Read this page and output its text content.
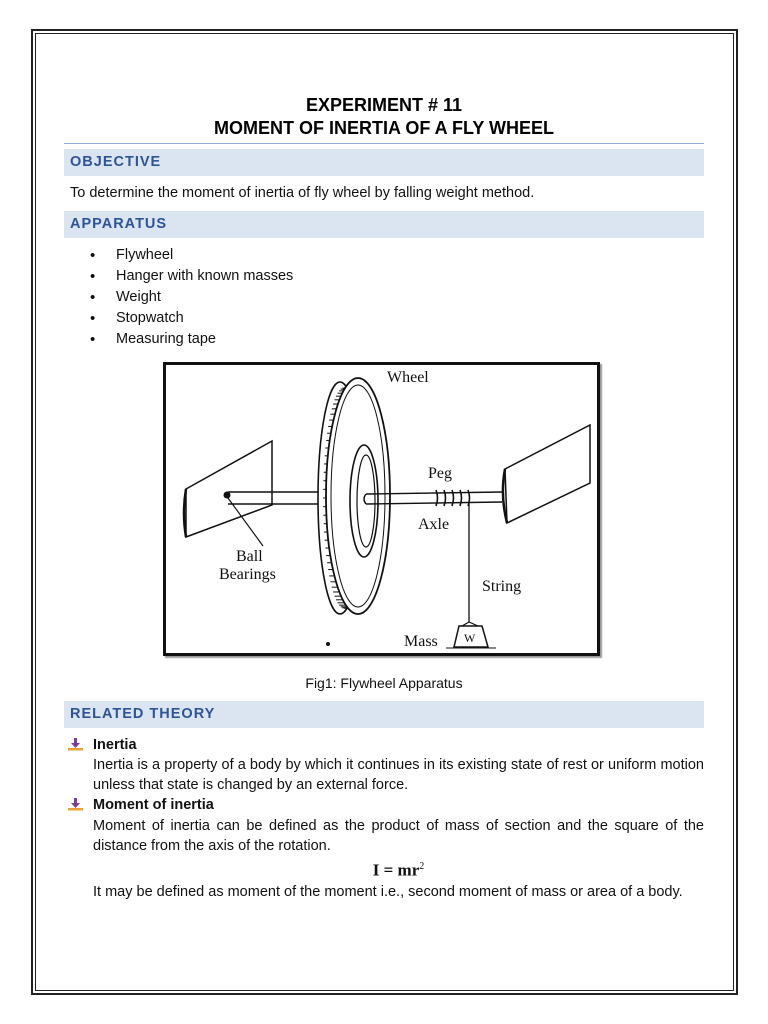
EXPERIMENT # 11
MOMENT OF INERTIA OF A FLY WHEEL
OBJECTIVE

To determine the moment of inertia of fly wheel by falling weight method.

APPARATUS
• Flywheel
• Hanger with known masses
• Weight
• Stopwatch
• Measuring tape
Wheel
Peg
Axle
Ball
Bearings
String
Mass W
Fig1: Flywheel Apparatus
RELATED THEORY
Inertia
Inertia is a property of a body by which it continues in its existing state of rest or uniform motion unless that state is changed by an external force.
Moment of inertia
Moment of inertia can be defined as the product of mass of section and the square of the distance from the axis of the rotation.
$I = mr^2$
It may be defined as moment of the moment i.e., second moment of mass or area of a body.
